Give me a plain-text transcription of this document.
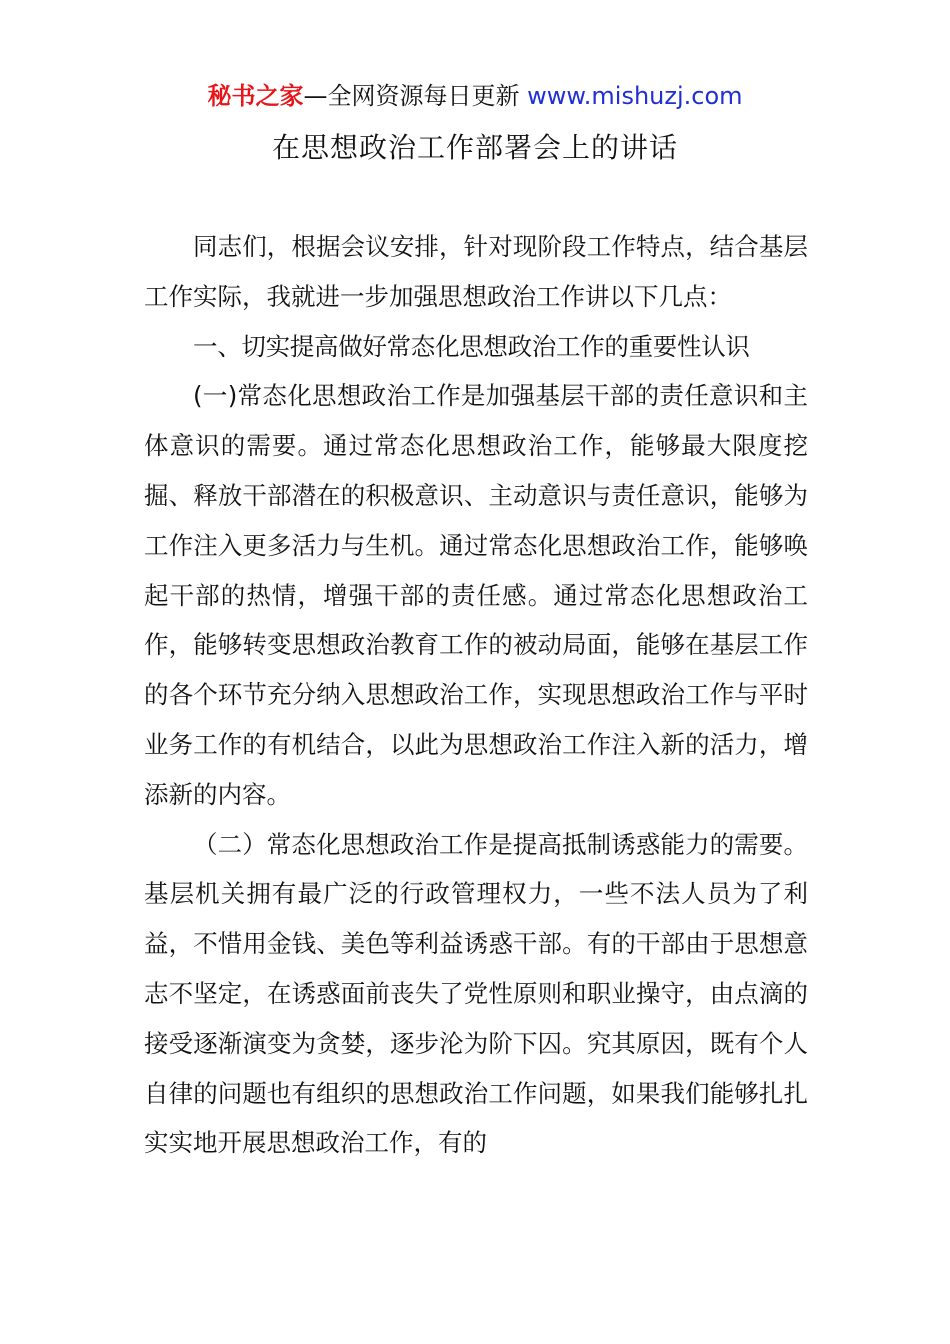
秘书之家—全网资源每日更新 www.mishuzj.com
在思想政治工作部署会上的讲话

同志们，根据会议安排，针对现阶段工作特点，结合基层工作实际，我就进一步加强思想政治工作讲以下几点：

一、切实提高做好常态化思想政治工作的重要性认识

(一)常态化思想政治工作是加强基层干部的责任意识和主体意识的需要。通过常态化思想政治工作，能够最大限度挖掘、释放干部潜在的积极意识、主动意识与责任意识，能够为工作注入更多活力与生机。通过常态化思想政治工作，能够唤起干部的热情，增强干部的责任感。通过常态化思想政治工作，能够转变思想政治教育工作的被动局面，能够在基层工作的各个环节充分纳入思想政治工作，实现思想政治工作与平时业务工作的有机结合，以此为思想政治工作注入新的活力，增添新的内容。

（二）常态化思想政治工作是提高抵制诱惑能力的需要。基层机关拥有最广泛的行政管理权力，一些不法人员为了利益，不惜用金钱、美色等利益诱惑干部。有的干部由于思想意志不坚定，在诱惑面前丧失了党性原则和职业操守，由点滴的接受逐渐演变为贪婪，逐步沦为阶下囚。究其原因，既有个人自律的问题也有组织的思想政治工作问题，如果我们能够扎扎实实地开展思想政治工作，有的
